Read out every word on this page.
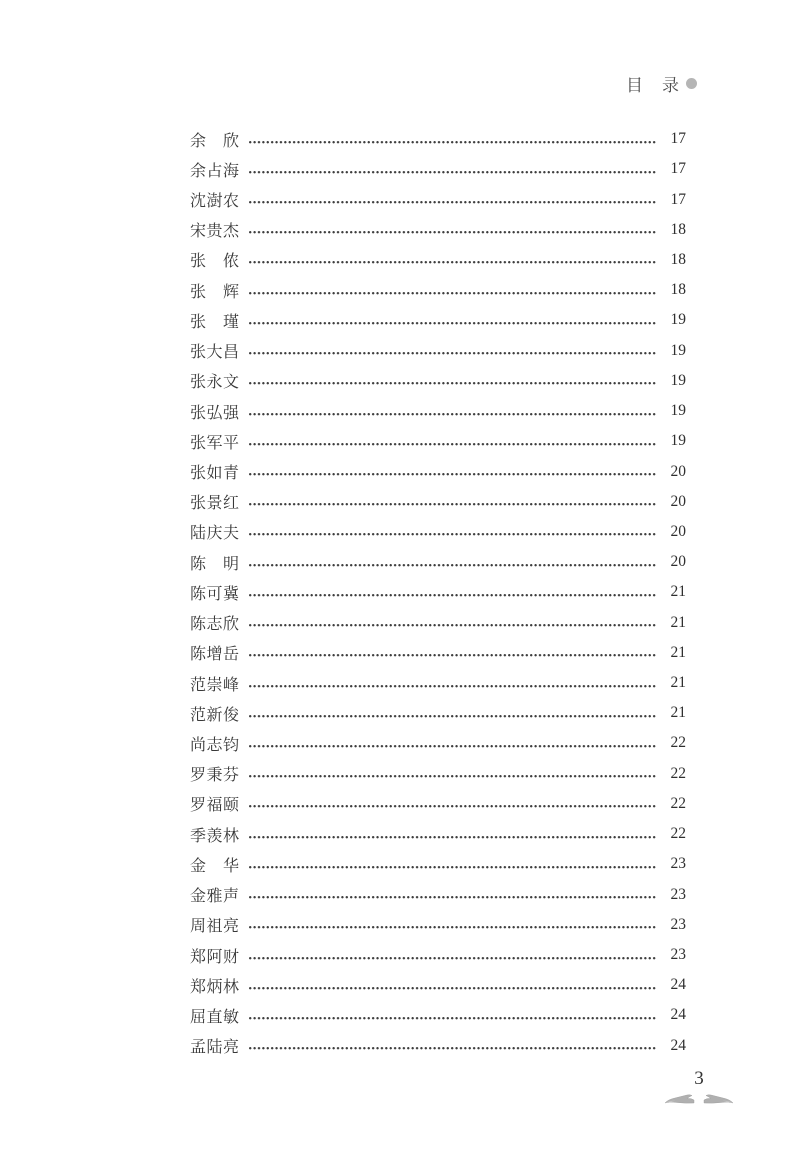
目　录
余　欣	17
余占海	17
沈澍农	17
宋贵杰	18
张　侬	18
张　辉	18
张　瑾	19
张大昌	19
张永文	19
张弘强	19
张军平	19
张如青	20
张景红	20
陆庆夫	20
陈　明	20
陈可冀	21
陈志欣	21
陈增岳	21
范崇峰	21
范新俊	21
尚志钧	22
罗秉芬	22
罗福颐	22
季羡林	22
金　华	23
金雅声	23
周祖亮	23
郑阿财	23
郑炳林	24
屈直敏	24
孟陆亮	24
3
